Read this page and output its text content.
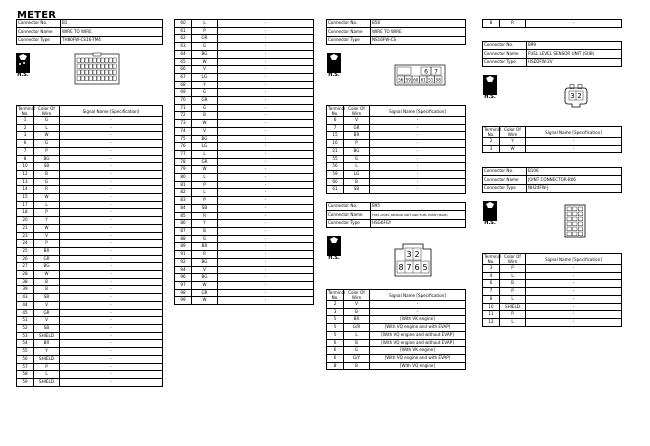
METER
Connector No.	B1
Connector Name	WIRE TO WIRE
Connector Type	TH80FW-CS16-TM4
H.S.
Terminal No.	Color Of Wire	Signal Name [Specification]
1	G	-
2	L	-
3	W	-
6	G	-
7	P	-
8	BG	-
10	SB	-
12	B	-
13	G	-
14	R	-
15	W	-
17	L	-
18	P	-
20	Y	-
21	W	-
23	V	-
24	P	-
25	BR	-
26	GR	-
27	BG	-
28	W	-
38	B	-
39	B	-
43	SB	-
44	V	-
45	GR	-
51	V	-
52	SB	-
53	SHIELD	-
54	BR	-
55	Y	-
56	SHIELD	-
57	P	-
58	L	-
59	SHIELD	-
60	L	-
61	P	-
62	GR	-
63	G	-
64	BG	-
65	W	-
66	V	-
67	LG	-
68	Y	-
69	G	-
70	GR	-
71	G	-
72	B	-
73	W	-
74	V	-
75	BG	-
76	LG	-
77	L	-
78	GR	-
79	W	-
80	L	-
81	P	-
82	L	-
83	P	-
84	SB	-
85	R	-
86	Y	-
87	B	-
88	G	-
89	BR	-
91	R	-
92	BG	-
94	V	-
96	BG	-
97	W	-
98	GR	-
99	W	-
Connector No.	B58
Connector Name	WIRE TO WIRE
Connector Type	NS16FW-CS
H.S.	6 7
56 59 60 61 51 58
Terminal No.	Color Of Wire	Signal Name [Specification]
6	V	-
7	GR	-
15	BR	-
16	P	-
21	BG	-
55	G	-
56	L	-
59	LG	-
60	B	-
61	SB	-
Connector No.	B95
Connector Name	FUEL LEVEL SENSOR UNIT AND FUEL PUMP (MAIN)
Connector Type	HSG6FGY
H.S.	3 2
8 7 6 5
Terminal No.	Color Of Wire	Signal Name [Specification]
2	V	-
3	B	-
5	BR	[With VK engine]
5	G/R	[With VQ engine and with EVAP]
5	L	[With VQ engine and without EVAP]
6	B	[With VQ engine and without EVAP]
6	G	[With VK engine]
6	G/Y	[With VQ engine and with EVAP]
8	B	[With VQ engine]
8	R	-
Connector No.	B99
Connector Name	FUEL LEVEL SENSOR UNIT (SUB)
Connector Type	HSD2FW-2V
H.S.	3 2
Terminal No.	Color Of Wire	Signal Name [Specification]
2	Y	-
3	W	-
Connector No.	B106
Connector Name	JOINT CONNECTOR-B06
Connector Type	NH24FW-J
H.S.
Terminal No.	Color Of Wire	Signal Name [Specification]
3	P	-
4	L	-
6	B	-
7	P	-
8	L	-
10	SHIELD	-
11	P	-
12	L	-
